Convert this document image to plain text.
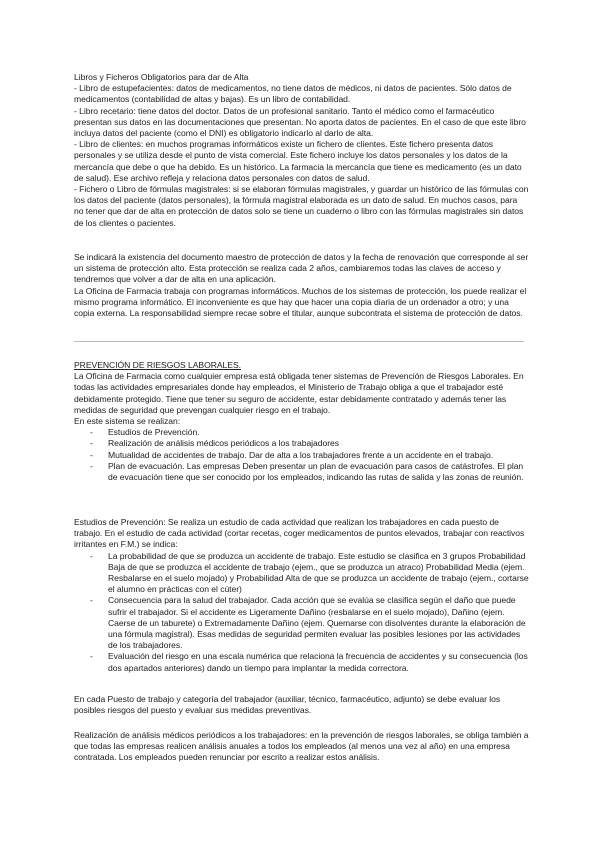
Libros y Ficheros Obligatorios para dar de Alta

- Libro de estupefacientes: datos de medicamentos, no tiene datos de médicos, ni datos de pacientes. Sólo datos de medicamentos (contabilidad de altas y bajas). Es un libro de contabilidad.

- Libro recetario: tiene datos del doctor. Datos de un profesional sanitario. Tanto el médico como el farmacéutico presentan sus datos en las documentaciones que presentan. No aporta datos de pacientes. En el caso de que este libro incluya datos del paciente (como el DNI) es obligatorio indicarlo al darlo de alta.

- Libro de clientes: en muchos programas informáticos existe un fichero de clientes. Este fichero presenta datos personales y se utiliza desde el punto de vista comercial. Este fichero incluye los datos personales y los datos de la mercancía que debe o que ha debido. Es un histórico. La farmacia la mercancía que tiene es medicamento (es un dato de salud). Ese archivo refleja y relaciona datos personales con datos de salud.

- Fichero o Libro de fórmulas magistrales: si se elaboran fórmulas magistrales, y guardar un histórico de las fórmulas con los datos del paciente (datos personales), la fórmula magistral elaborada es un dato de salud. En muchos casos, para no tener que dar de alta en protección de datos solo se tiene un cuaderno o libro con las fórmulas magistrales sin datos de los clientes o pacientes.

Se indicará la existencia del documento maestro de protección de datos y la fecha de renovación que corresponde al ser un sistema de protección alto. Esta protección se realiza cada 2 años, cambiaremos todas las claves de acceso y tendremos que volver a dar de alta en una aplicación.

La Oficina de Farmacia trabaja con programas informáticos. Muchos de los sistemas de protección, los puede realizar el mismo programa informático. El inconveniente es que hay que hacer una copia diaria de un ordenador a otro; y una copia externa. La responsabilidad siempre recae sobre el titular, aunque subcontrata el sistema de protección de datos.

PREVENCIÓN DE RIESGOS LABORALES.

La Oficina de Farmacia como cualquier empresa está obligada tener sistemas de Prevención de Riesgos Laborales. En todas las actividades empresariales donde hay empleados, el Ministerio de Trabajo obliga a que el trabajador esté debidamente protegido. Tiene que tener su seguro de accidente, estar debidamente contratado y además tener las medidas de seguridad que prevengan cualquier riesgo en el trabajo.

En este sistema se realizan:

- Estudios de Prevención.
- Realización de análisis médicos periódicos a los trabajadores
- Mutualidad de accidentes de trabajo. Dar de alta a los trabajadores frente a un accidente en el trabajo.
- Plan de evacuación. Las empresas Deben presentar un plan de evacuación para casos de catástrofes. El plan de evacuación tiene que ser conocido por los empleados, indicando las rutas de salida y las zonas de reunión.

Estudios de Prevención: Se realiza un estudio de cada actividad que realizan los trabajadores en cada puesto de trabajo. En el estudio de cada actividad (cortar recetas, coger medicamentos de puntos elevados, trabajar con reactivos irritantes en F.M.) se indica:

- La probabilidad de que se produzca un accidente de trabajo. Este estudio se clasifica en 3 grupos Probabilidad Baja de que se produzca el accidente de trabajo (ejem., que se produzca un atraco) Probabilidad Media (ejem. Resbalarse en el suelo mojado) y Probabilidad Alta de que se produzca un accidente de trabajo (ejem., cortarse el alumno en prácticas con el cúter)
- Consecuencia para la salud del trabajador. Cada acción que se evalúa se clasifica según el daño que puede sufrir el trabajador. Si el accidente es Ligeramente Dañino (resbalarse en el suelo mojado), Dañino (ejem. Caerse de un taburete) o Extremadamente Dañino (ejem. Quemarse con disolventes durante la elaboración de una fórmula magistral). Esas medidas de seguridad permiten evaluar las posibles lesiones por las actividades de los trabajadores.
- Evaluación del riesgo en una escala numérica que relaciona la frecuencia de accidentes y su consecuencia (los dos apartados anteriores) dando un tiempo para implantar la medida correctora.

En cada Puesto de trabajo y categoría del trabajador (auxiliar, técnico, farmacéutico, adjunto) se debe evaluar los posibles riesgos del puesto y evaluar sus medidas preventivas.

Realización de análisis médicos periódicos a los trabajadores: en la prevención de riesgos laborales, se obliga también a que todas las empresas realicen análisis anuales a todos los empleados (al menos una vez al año) en una empresa contratada. Los empleados pueden renunciar por escrito a realizar estos análisis.
